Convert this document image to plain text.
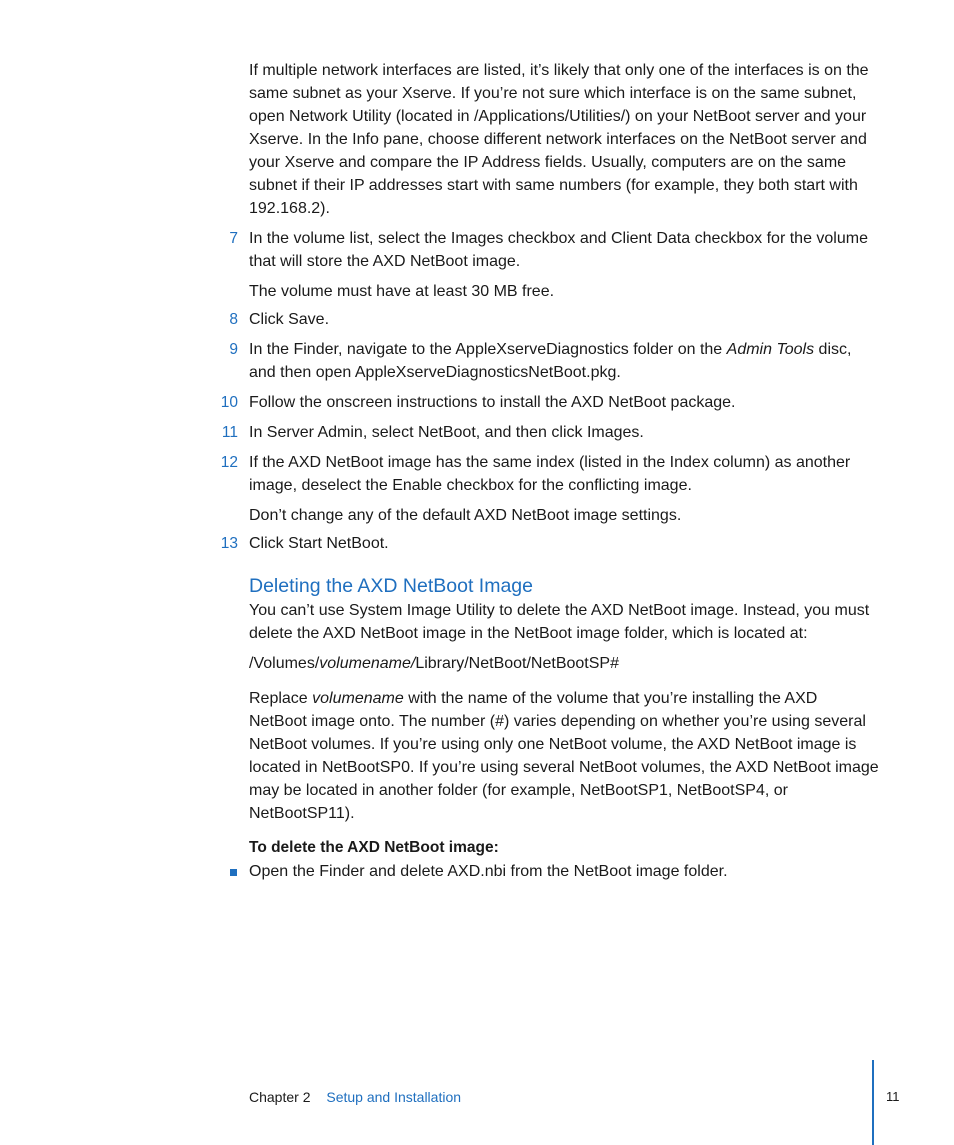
If multiple network interfaces are listed, it’s likely that only one of the interfaces is on the same subnet as your Xserve. If you’re not sure which interface is on the same subnet, open Network Utility (located in /Applications/Utilities/) on your NetBoot server and your Xserve. In the Info pane, choose different network interfaces on the NetBoot server and your Xserve and compare the IP Address fields. Usually, computers are on the same subnet if their IP addresses start with same numbers (for example, they both start with 192.168.2).

7 In the volume list, select the Images checkbox and Client Data checkbox for the volume that will store the AXD NetBoot image.

The volume must have at least 30 MB free.

8 Click Save.

9 In the Finder, navigate to the AppleXserveDiagnostics folder on the Admin Tools disc, and then open AppleXserveDiagnosticsNetBoot.pkg.

10 Follow the onscreen instructions to install the AXD NetBoot package.

11 In Server Admin, select NetBoot, and then click Images.

12 If the AXD NetBoot image has the same index (listed in the Index column) as another image, deselect the Enable checkbox for the conflicting image.

Don’t change any of the default AXD NetBoot image settings.

13 Click Start NetBoot.

Deleting the AXD NetBoot Image

You can’t use System Image Utility to delete the AXD NetBoot image. Instead, you must delete the AXD NetBoot image in the NetBoot image folder, which is located at:

/Volumes/volumename/Library/NetBoot/NetBootSP#

Replace volumename with the name of the volume that you’re installing the AXD NetBoot image onto. The number (#) varies depending on whether you’re using several NetBoot volumes. If you’re using only one NetBoot volume, the AXD NetBoot image is located in NetBootSP0. If you’re using several NetBoot volumes, the AXD NetBoot image may be located in another folder (for example, NetBootSP1, NetBootSP4, or NetBootSP11).

To delete the AXD NetBoot image:

Open the Finder and delete AXD.nbi from the NetBoot image folder.

Chapter 2 Setup and Installation	11
